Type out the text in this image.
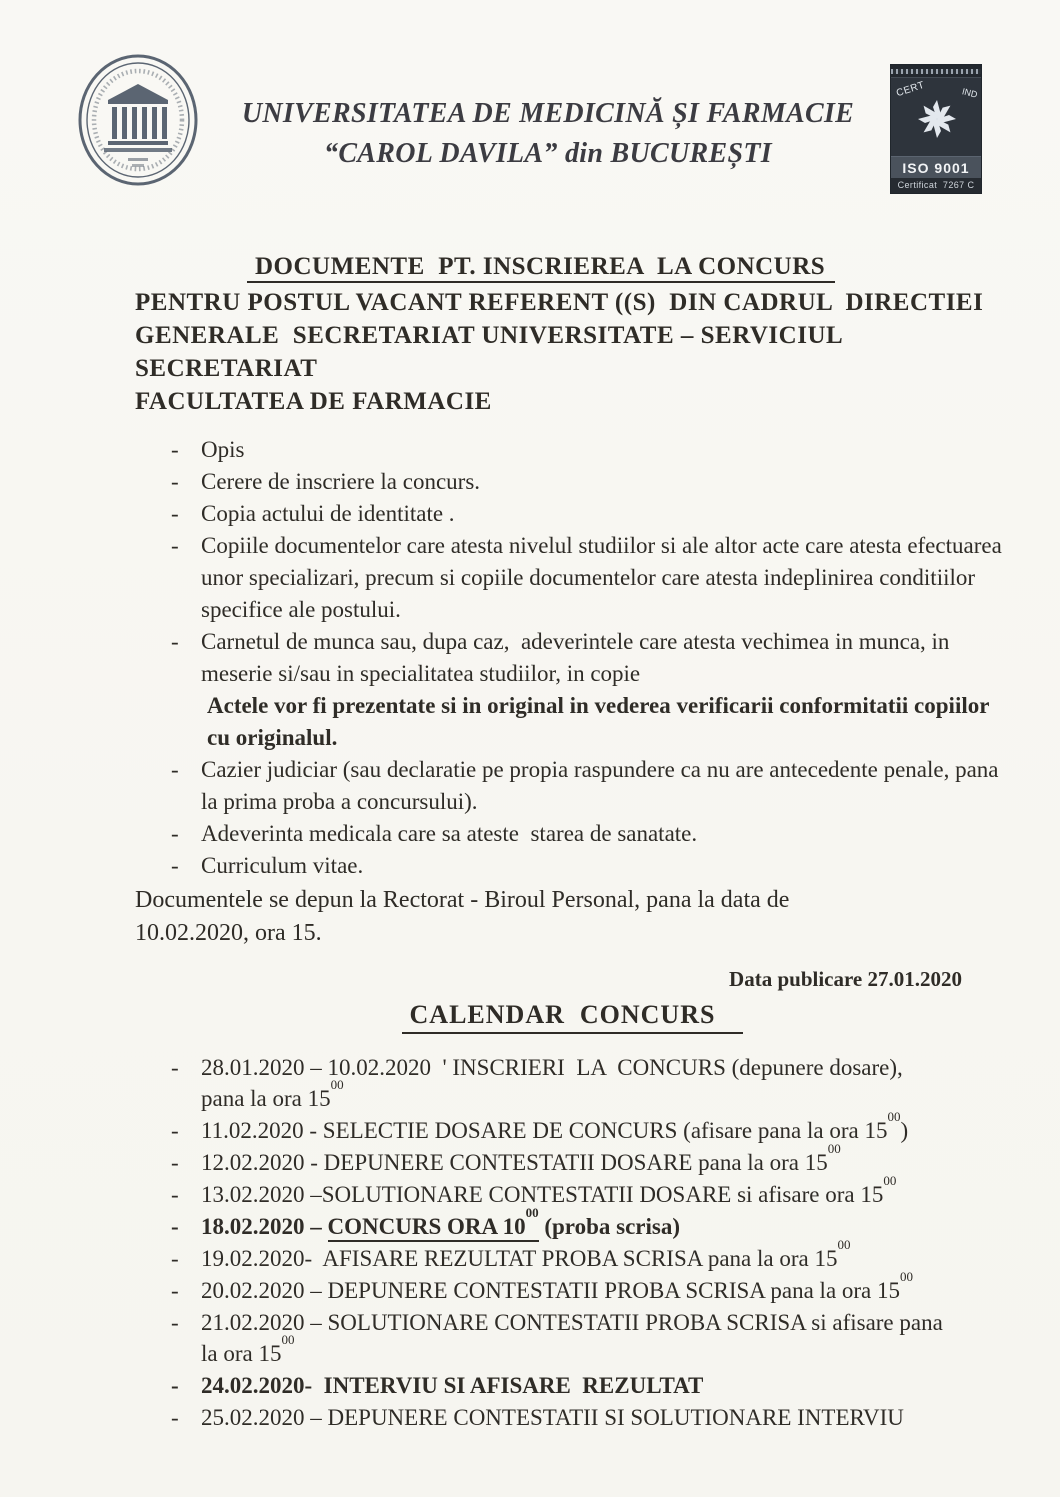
UNIVERSITATEA DE MEDICINĂ ȘI FARMACIE
“CAROL DAVILA” din BUCUREȘTI
CERT	IND
ISO 9001
Certificat  7267 C
DOCUMENTE  PT. INSCRIEREA  LA CONCURS
PENTRU POSTUL VACANT REFERENT ((S)  DIN CADRUL  DIRECTIEI
GENERALE  SECRETARIAT UNIVERSITATE – SERVICIUL SECRETARIAT
FACULTATEA DE FARMACIE
- Opis
- Cerere de inscriere la concurs.
- Copia actului de identitate .
- Copiile documentelor care atesta nivelul studiilor si ale altor acte care atesta efectuarea  unor specializari, precum si copiile documentelor care atesta indeplinirea conditiilor specifice ale postului.
- Carnetul de munca sau, dupa caz,  adeverintele care atesta vechimea in munca, in meserie si/sau in specialitatea studiilor, in copie
Actele vor fi prezentate si in original in vederea verificarii conformitatii copiilor cu originalul.
- Cazier judiciar (sau declaratie pe propia raspundere ca nu are antecedente penale, pana la prima proba a concursului).
- Adeverinta medicala care sa ateste  starea de sanatate.
- Curriculum vitae.

Documentele se depun la Rectorat - Biroul Personal, pana la data de
10.02.2020, ora 15.

Data publicare 27.01.2020
CALENDAR  CONCURS
- 28.01.2020 – 10.02.2020  ' INSCRIERI  LA  CONCURS (depunere dosare),
pana la ora $15^{00}$
- 11.02.2020 - SELECTIE DOSARE DE CONCURS (afisare pana la ora $15^{00}$)
- 12.02.2020 - DEPUNERE CONTESTATII DOSARE pana la ora $15^{00}$
- 13.02.2020 –SOLUTIONARE CONTESTATII DOSARE si afisare ora $15^{00}$
- 18.02.2020 – CONCURS ORA $10^{00}$ (proba scrisa)
- 19.02.2020-  AFISARE REZULTAT PROBA SCRISA pana la ora $15^{00}$
- 20.02.2020 – DEPUNERE CONTESTATII PROBA SCRISA pana la ora $15^{00}$
- 21.02.2020 – SOLUTIONARE CONTESTATII PROBA SCRISA si afisare pana
la ora $15^{00}$
- 24.02.2020-  INTERVIU SI AFISARE  REZULTAT
- 25.02.2020 – DEPUNERE CONTESTATII SI SOLUTIONARE INTERVIU
